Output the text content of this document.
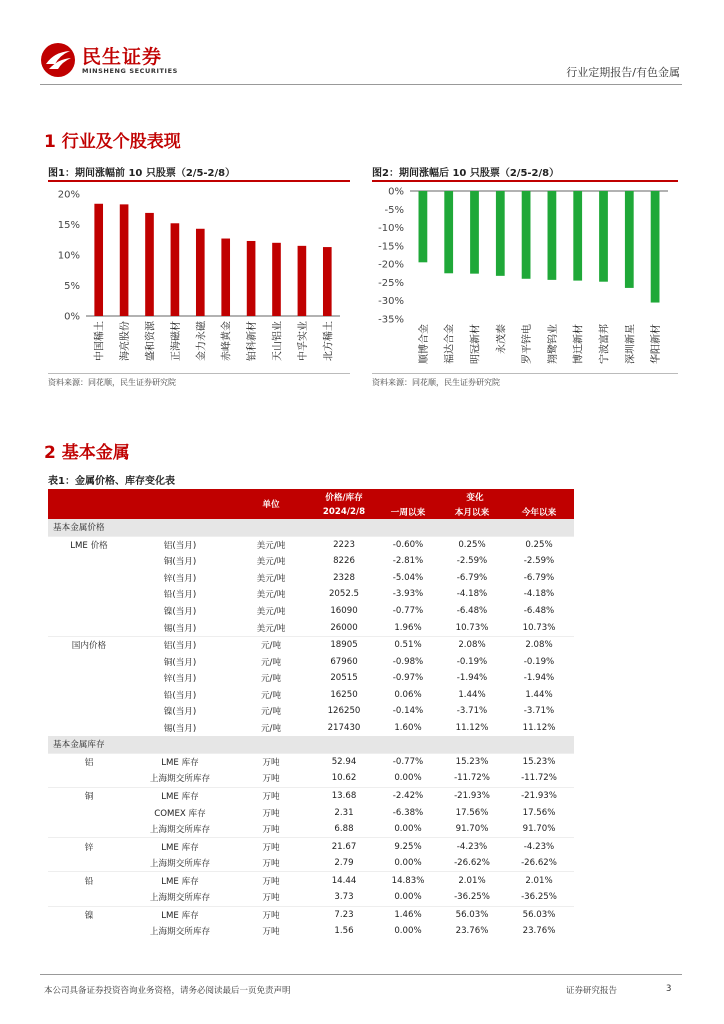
民生证券
MINSHENG SECURITIES	行业定期报告/有色金属
1 行业及个股表现
图1：期间涨幅前 10 只股票（2/5-2/8）	图2：期间涨幅后 10 只股票（2/5-2/8）
20%
15%
10%
5%
0%
中国稀土 海亮股份 盛和资源 正海磁材 金力永磁 赤峰黄金 铂科新材 天山铝业 中孚实业 北方稀土
0%
-5%
-10%
-15%
-20%
-25%
-30%
-35%
顺博合金 福达合金 明冠新材 永茂泰 罗平锌电 翔鹭钨业 博迁新材 宁波富邦 深圳新星 华阳新材
资料来源：同花顺，民生证券研究院	资料来源：同花顺，民生证券研究院
2 基本金属
表1：金属价格、库存变化表
		单位	价格/库存	变化		
			2024/2/8	一周以来	本月以来	今年以来
基本金属价格						
LME 价格	铝(当月)	美元/吨	2223	-0.60%	0.25%	0.25%
	铜(当月)	美元/吨	8226	-2.81%	-2.59%	-2.59%
	锌(当月)	美元/吨	2328	-5.04%	-6.79%	-6.79%
	铅(当月)	美元/吨	2052.5	-3.93%	-4.18%	-4.18%
	镍(当月)	美元/吨	16090	-0.77%	-6.48%	-6.48%
	锡(当月)	美元/吨	26000	1.96%	10.73%	10.73%
国内价格	铝(当月)	元/吨	18905	0.51%	2.08%	2.08%
	铜(当月)	元/吨	67960	-0.98%	-0.19%	-0.19%
	锌(当月)	元/吨	20515	-0.97%	-1.94%	-1.94%
	铅(当月)	元/吨	16250	0.06%	1.44%	1.44%
	镍(当月)	元/吨	126250	-0.14%	-3.71%	-3.71%
	锡(当月)	元/吨	217430	1.60%	11.12%	11.12%
基本金属库存						
铝	LME 库存	万吨	52.94	-0.77%	15.23%	15.23%
	上海期交所库存	万吨	10.62	0.00%	-11.72%	-11.72%
铜	LME 库存	万吨	13.68	-2.42%	-21.93%	-21.93%
	COMEX 库存	万吨	2.31	-6.38%	17.56%	17.56%
	上海期交所库存	万吨	6.88	0.00%	91.70%	91.70%
锌	LME 库存	万吨	21.67	9.25%	-4.23%	-4.23%
	上海期交所库存	万吨	2.79	0.00%	-26.62%	-26.62%
铅	LME 库存	万吨	14.44	14.83%	2.01%	2.01%
	上海期交所库存	万吨	3.73	0.00%	-36.25%	-36.25%
镍	LME 库存	万吨	7.23	1.46%	56.03%	56.03%
	上海期交所库存	万吨	1.56	0.00%	23.76%	23.76%
本公司具备证券投资咨询业务资格，请务必阅读最后一页免责声明	证券研究报告	3
